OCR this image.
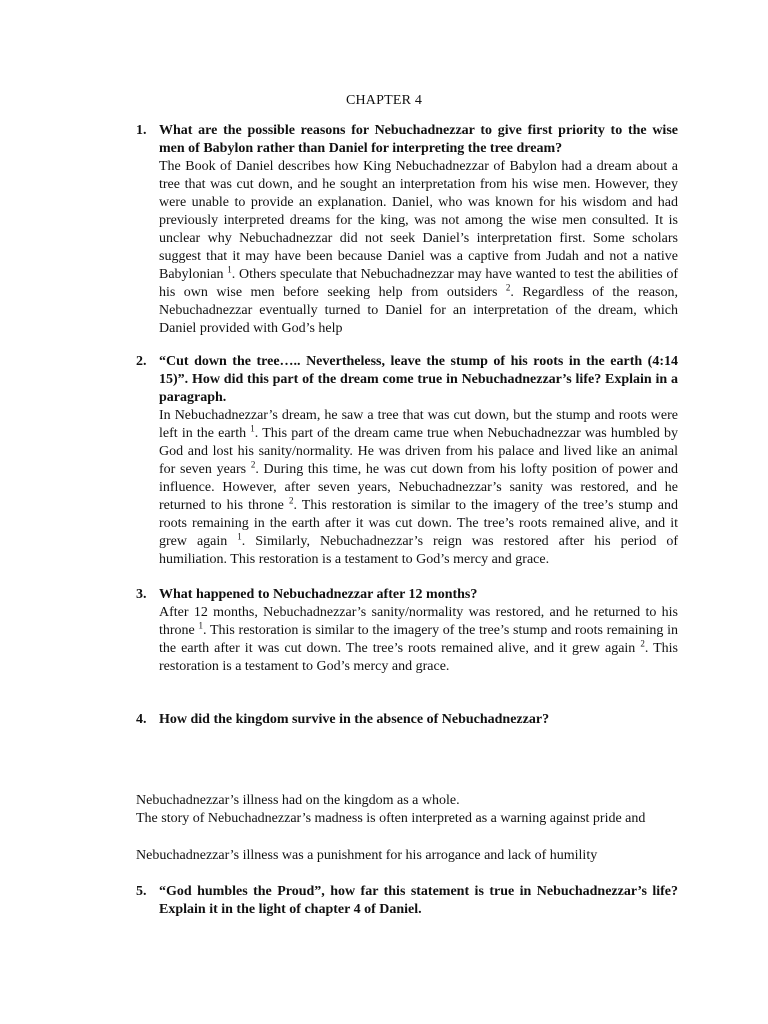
CHAPTER 4
1. What are the possible reasons for Nebuchadnezzar to give first priority to the wise men of Babylon rather than Daniel for interpreting the tree dream?
The Book of Daniel describes how King Nebuchadnezzar of Babylon had a dream about a tree that was cut down, and he sought an interpretation from his wise men. However, they were unable to provide an explanation. Daniel, who was known for his wisdom and had previously interpreted dreams for the king, was not among the wise men consulted. It is unclear why Nebuchadnezzar did not seek Daniel’s interpretation first. Some scholars suggest that it may have been because Daniel was a captive from Judah and not a native Babylonian $^1$. Others speculate that Nebuchadnezzar may have wanted to test the abilities of his own wise men before seeking help from outsiders $^2$. Regardless of the reason, Nebuchadnezzar eventually turned to Daniel for an interpretation of the dream, which Daniel provided with God’s help
2. “Cut down the tree….. Nevertheless, leave the stump of his roots in the earth (4:14 15)”. How did this part of the dream come true in Nebuchadnezzar’s life? Explain in a paragraph.
In Nebuchadnezzar’s dream, he saw a tree that was cut down, but the stump and roots were left in the earth $^1$. This part of the dream came true when Nebuchadnezzar was humbled by God and lost his sanity/normality. He was driven from his palace and lived like an animal for seven years $^2$. During this time, he was cut down from his lofty position of power and influence. However, after seven years, Nebuchadnezzar’s sanity was restored, and he returned to his throne $^2$. This restoration is similar to the imagery of the tree’s stump and roots remaining in the earth after it was cut down. The tree’s roots remained alive, and it grew again $^1$. Similarly, Nebuchadnezzar’s reign was restored after his period of humiliation. This restoration is a testament to God’s mercy and grace.
3. What happened to Nebuchadnezzar after 12 months?
After 12 months, Nebuchadnezzar’s sanity/normality was restored, and he returned to his throne $^1$. This restoration is similar to the imagery of the tree’s stump and roots remaining in the earth after it was cut down. The tree’s roots remained alive, and it grew again $^2$. This restoration is a testament to God’s mercy and grace.
4. How did the kingdom survive in the absence of Nebuchadnezzar?
Nebuchadnezzar’s illness had on the kingdom as a whole.
The story of Nebuchadnezzar’s madness is often interpreted as a warning against pride and
Nebuchadnezzar’s illness was a punishment for his arrogance and lack of humility
5. “God humbles the Proud”, how far this statement is true in Nebuchadnezzar’s life? Explain it in the light of chapter 4 of Daniel.
